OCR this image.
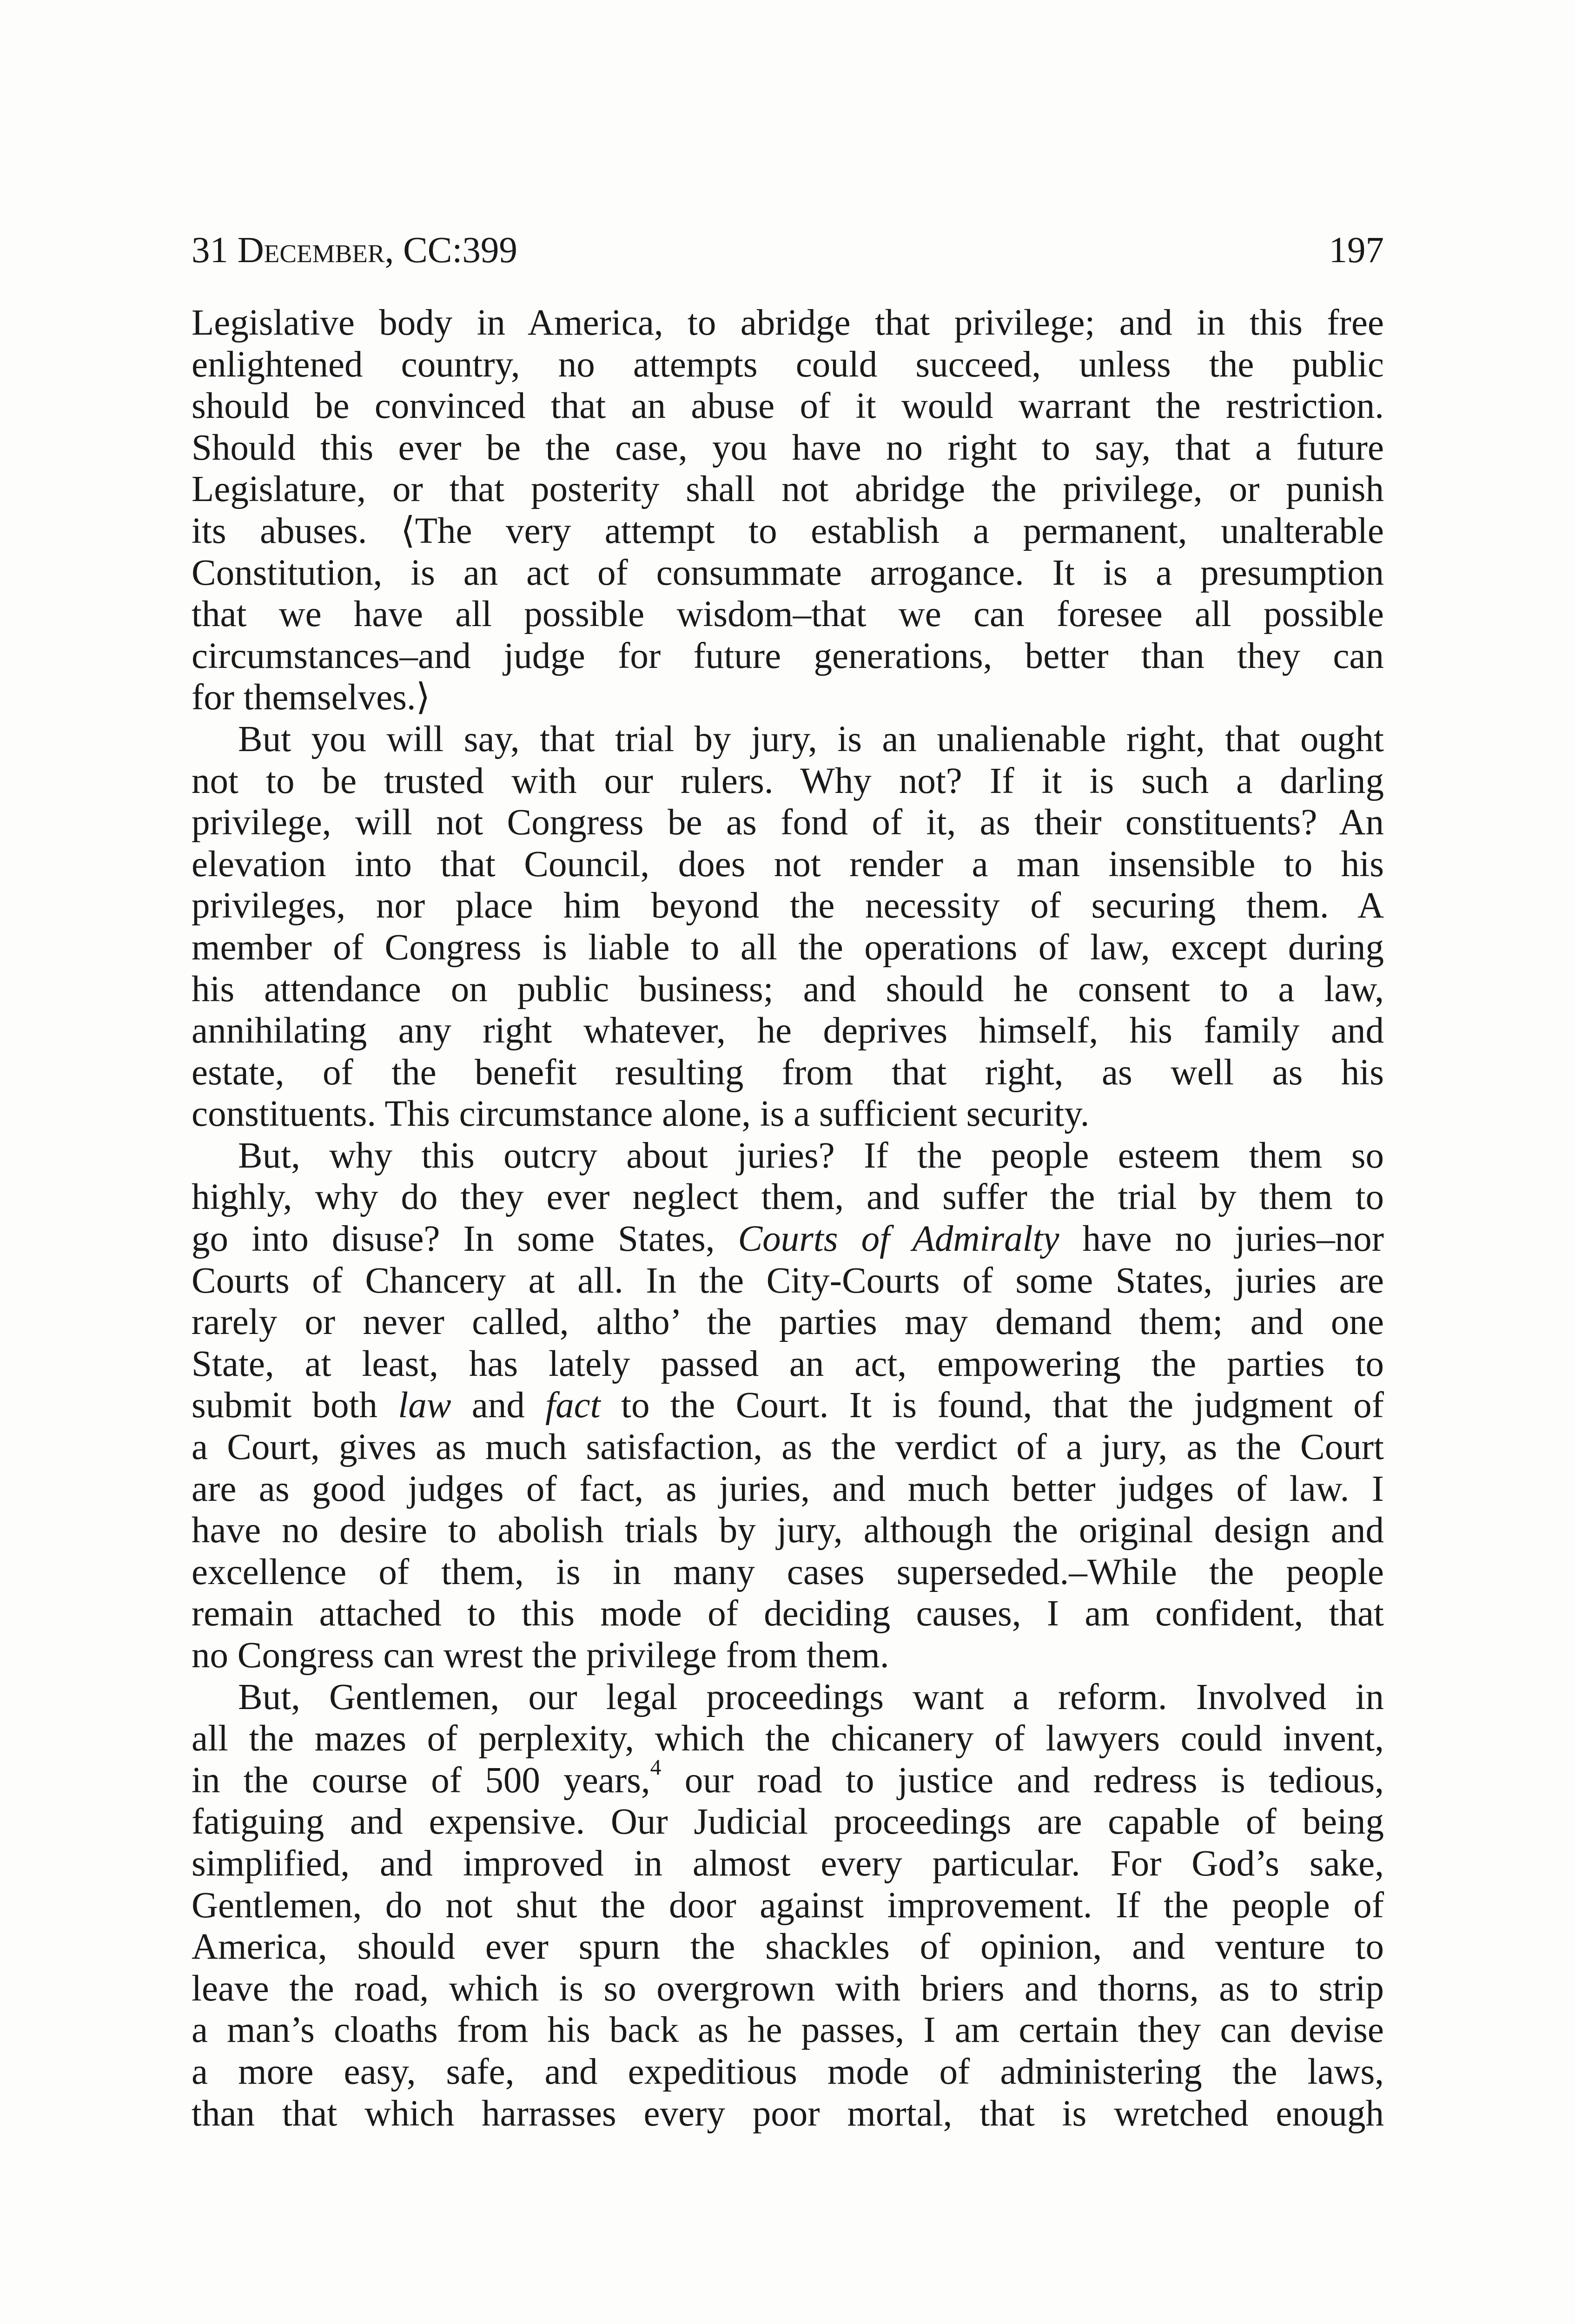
31 December, CC:399	197
Legislative body in America, to abridge that privilege; and in this free
enlightened country, no attempts could succeed, unless the public
should be convinced that an abuse of it would warrant the restriction.
Should this ever be the case, you have no right to say, that a future
Legislature, or that posterity shall not abridge the privilege, or punish
its abuses. ⟨The very attempt to establish a permanent, unalterable
Constitution, is an act of consummate arrogance. It is a presumption
that we have all possible wisdom–that we can foresee all possible
circumstances–and judge for future generations, better than they can
for themselves.⟩
But you will say, that trial by jury, is an unalienable right, that ought
not to be trusted with our rulers. Why not? If it is such a darling
privilege, will not Congress be as fond of it, as their constituents? An
elevation into that Council, does not render a man insensible to his
privileges, nor place him beyond the necessity of securing them. A
member of Congress is liable to all the operations of law, except during
his attendance on public business; and should he consent to a law,
annihilating any right whatever, he deprives himself, his family and
estate, of the benefit resulting from that right, as well as his
constituents. This circumstance alone, is a sufficient security.
But, why this outcry about juries? If the people esteem them so
highly, why do they ever neglect them, and suffer the trial by them to
go into disuse? In some States, Courts of Admiralty have no juries–nor
Courts of Chancery at all. In the City-Courts of some States, juries are
rarely or never called, altho’ the parties may demand them; and one
State, at least, has lately passed an act, empowering the parties to
submit both law and fact to the Court. It is found, that the judgment of
a Court, gives as much satisfaction, as the verdict of a jury, as the Court
are as good judges of fact, as juries, and much better judges of law. I
have no desire to abolish trials by jury, although the original design and
excellence of them, is in many cases superseded.–While the people
remain attached to this mode of deciding causes, I am confident, that
no Congress can wrest the privilege from them.
But, Gentlemen, our legal proceedings want a reform. Involved in
all the mazes of perplexity, which the chicanery of lawyers could invent,
in the course of 500 years,$^4$ our road to justice and redress is tedious,
fatiguing and expensive. Our Judicial proceedings are capable of being
simplified, and improved in almost every particular. For God’s sake,
Gentlemen, do not shut the door against improvement. If the people of
America, should ever spurn the shackles of opinion, and venture to
leave the road, which is so overgrown with briers and thorns, as to strip
a man’s cloaths from his back as he passes, I am certain they can devise
a more easy, safe, and expeditious mode of administering the laws,
than that which harrasses every poor mortal, that is wretched enough
